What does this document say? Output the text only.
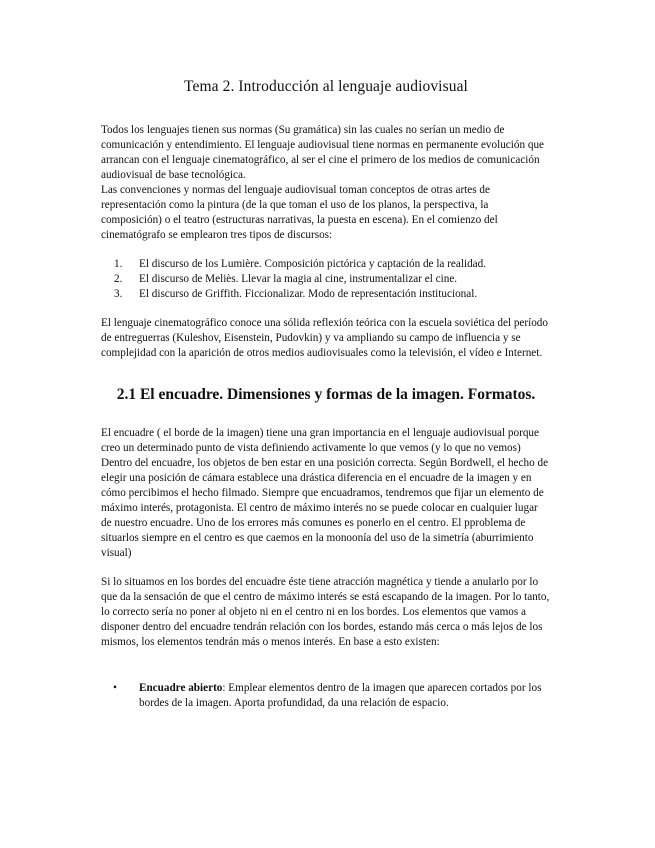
Tema 2. Introducción al lenguaje audiovisual

Todos los lenguajes tienen sus normas (Su gramática) sin las cuales no serían un medio de comunicación y entendimiento. El lenguaje audiovisual tiene normas en permanente evolución que arrancan con el lenguaje cinematográfico, al ser el cine el primero de los medios de comunicación audiovisual de base tecnológica.

Las convenciones y normas del lenguaje audiovisual toman conceptos de otras artes de representación como la pintura (de la que toman el uso de los planos, la perspectiva, la composición) o el teatro (estructuras narrativas, la puesta en escena). En el comienzo del cinematógrafo se emplearon tres tipos de discursos:

1. El discurso de los Lumière. Composición pictórica y captación de la realidad.
2. El discurso de Meliès. Llevar la magia al cine, instrumentalizar el cine.
3. El discurso de Griffith. Ficcionalizar. Modo de representación institucional.

El lenguaje cinematográfico conoce una sólida reflexión teórica con la escuela soviética del período de entreguerras (Kuleshov, Eisenstein, Pudovkin) y va ampliando su campo de influencia y se complejidad con la aparición de otros medios audiovisuales como la televisión, el vídeo e Internet.

2.1 El encuadre. Dimensiones y formas de la imagen. Formatos.

El encuadre ( el borde de la imagen) tiene una gran importancia en el lenguaje audiovisual porque creo un determinado punto de vista definiendo activamente lo que vemos (y lo que no vemos) Dentro del encuadre, los objetos de ben estar en una posición correcta. Según Bordwell, el hecho de elegir una posición de cámara establece una drástica diferencia en el encuadre de la imagen y en cómo percibimos el hecho filmado. Siempre que encuadramos, tendremos que fijar un elemento de máximo interés, protagonista. El centro de máximo interés no se puede colocar en cualquier lugar de nuestro encuadre. Uno de los errores más comunes es ponerlo en el centro. El pproblema de situarlos siempre en el centro es que caemos en la monoonía del uso de la simetría (aburrimiento visual)

Si lo situamos en los bordes del encuadre éste tiene atracción magnética y tiende a anularlo por lo que da la sensación de que el centro de máximo interés se está escapando de la imagen. Por lo tanto, lo correcto sería no poner al objeto ni en el centro ni en los bordes. Los elementos que vamos a disponer dentro del encuadre tendrán relación con los bordes, estando más cerca o más lejos de los mismos, los elementos tendrán más o menos interés. En base a esto existen:

• Encuadre abierto: Emplear elementos dentro de la imagen que aparecen cortados por los bordes de la imagen. Aporta profundidad, da una relación de espacio.
